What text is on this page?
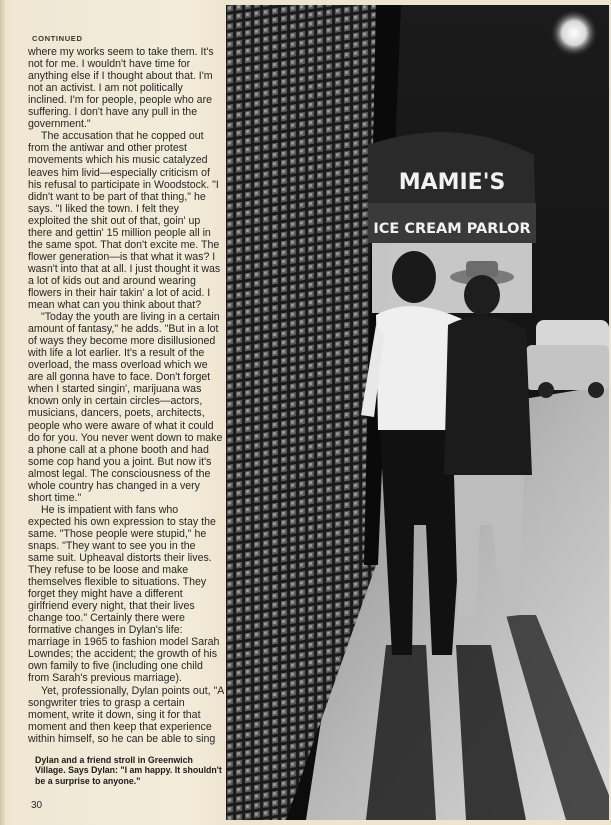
CONTINUED

where my works seem to take them. It's not for me. I wouldn't have time for anything else if I thought about that. I'm not an activist. I am not politically inclined. I'm for people, people who are suffering. I don't have any pull in the government."

The accusation that he copped out from the antiwar and other protest movements which his music catalyzed leaves him livid—especially criticism of his refusal to participate in Woodstock. "I didn't want to be part of that thing," he says. "I liked the town. I felt they exploited the shit out of that, goin' up there and gettin' 15 million people all in the same spot. That don't excite me. The flower generation—is that what it was? I wasn't into that at all. I just thought it was a lot of kids out and around wearing flowers in their hair takin' a lot of acid. I mean what can you think about that?

"Today the youth are living in a certain amount of fantasy," he adds. "But in a lot of ways they become more disillusioned with life a lot earlier. It's a result of the overload, the mass overload which we are all gonna have to face. Don't forget when I started singin', marijuana was known only in certain circles—actors, musicians, dancers, poets, architects, people who were aware of what it could do for you. You never went down to make a phone call at a phone booth and had some cop hand you a joint. But now it's almost legal. The consciousness of the whole country has changed in a very short time."

He is impatient with fans who expected his own expression to stay the same. "Those people were stupid," he snaps. "They want to see you in the same suit. Upheaval distorts their lives. They refuse to be loose and make themselves flexible to situations. They forget they might have a different girlfriend every night, that their lives change too." Certainly there were formative changes in Dylan's life: marriage in 1965 to fashion model Sarah Lowndes; the accident; the growth of his own family to five (including one child from Sarah's previous marriage).

Yet, professionally, Dylan points out, "A songwriter tries to grasp a certain moment, write it down, sing it for that moment and then keep that experience within himself, so he can be able to sing

Dylan and a friend stroll in Greenwich Village. Says Dylan: "I am happy. It shouldn't be a surprise to anyone."
30
MAMIE'S
ICE CREAM PARLOR
